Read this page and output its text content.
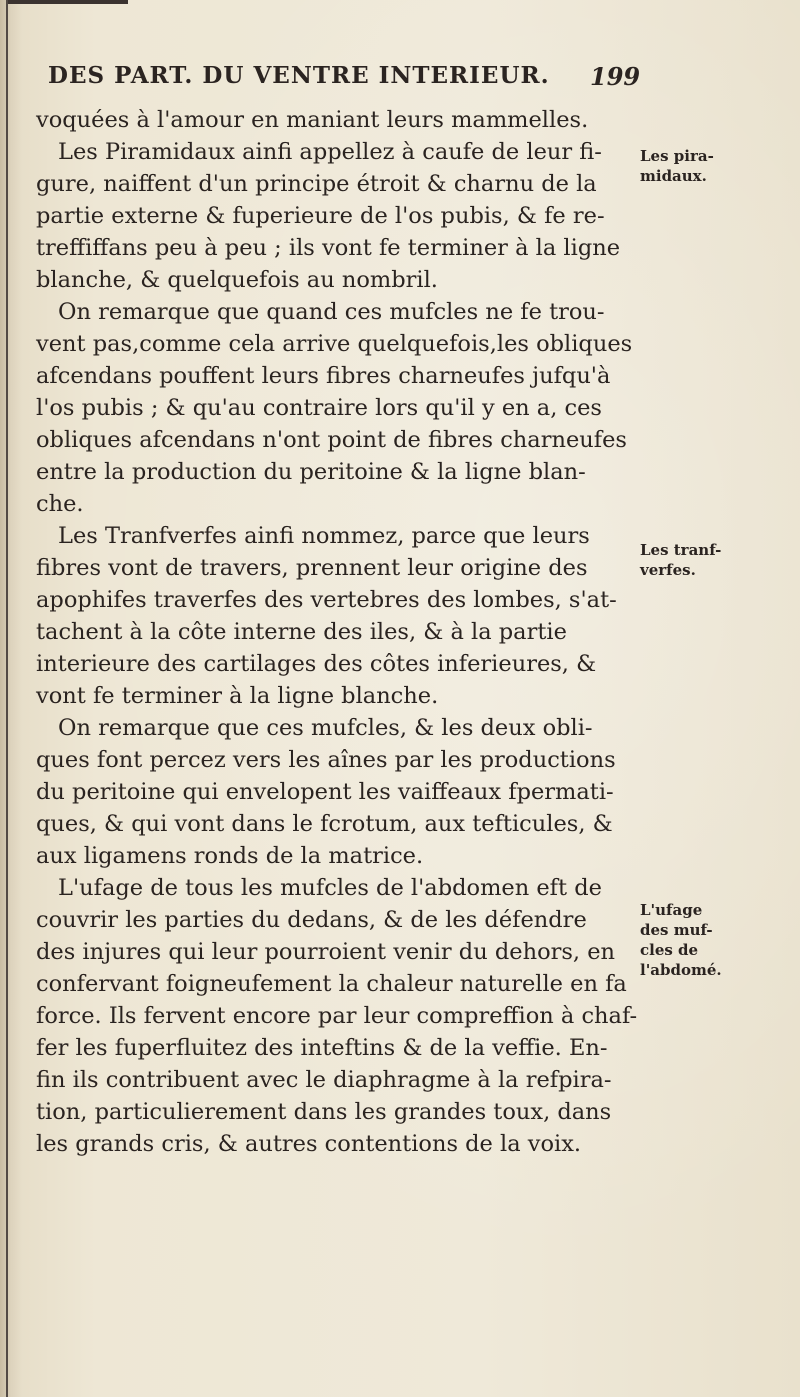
DES PART. DU VENTRE INTERIEUR.	199
voquées à l'amour en maniant leurs mammelles.
Les Piramidaux ainfi appellez à caufe de leur fi-
gure, naiffent d'un principe étroit & charnu de la
partie externe & fuperieure de l'os pubis, & fe re-
treffiffans peu à peu ; ils vont fe terminer à la ligne
blanche, & quelquefois au nombril.
On remarque que quand ces mufcles ne fe trou-
vent pas,comme cela arrive quelquefois,les obliques
afcendans pouffent leurs fibres charneufes jufqu'à
l'os pubis ; & qu'au contraire lors qu'il y en a, ces
obliques afcendans n'ont point de fibres charneufes
entre la production du peritoine & la ligne blan-
che.
Les Tranfverfes ainfi nommez, parce que leurs
fibres vont de travers, prennent leur origine des
apophifes traverfes des vertebres des lombes, s'at-
tachent à la côte interne des iles, & à la partie
interieure des cartilages des côtes inferieures, &
vont fe terminer à la ligne blanche.
On remarque que ces mufcles, & les deux obli-
ques font percez vers les aînes par les productions
du peritoine qui envelopent les vaiffeaux fpermati-
ques, & qui vont dans le fcrotum, aux tefticules, &
aux ligamens ronds de la matrice.
L'ufage de tous les mufcles de l'abdomen eft de
couvrir les parties du dedans, & de les défendre
des injures qui leur pourroient venir du dehors, en
confervant foigneufement la chaleur naturelle en fa
force. Ils fervent encore par leur compreffion à chaf-
fer les fuperfluitez des inteftins & de la veffie. En-
fin ils contribuent avec le diaphragme à la refpira-
tion, particulierement dans les grandes toux, dans
les grands cris, & autres contentions de la voix.
Les pira-
midaux.
Les tranf-
verfes.
L'ufage
des muf-
cles de
l'abdomé.
